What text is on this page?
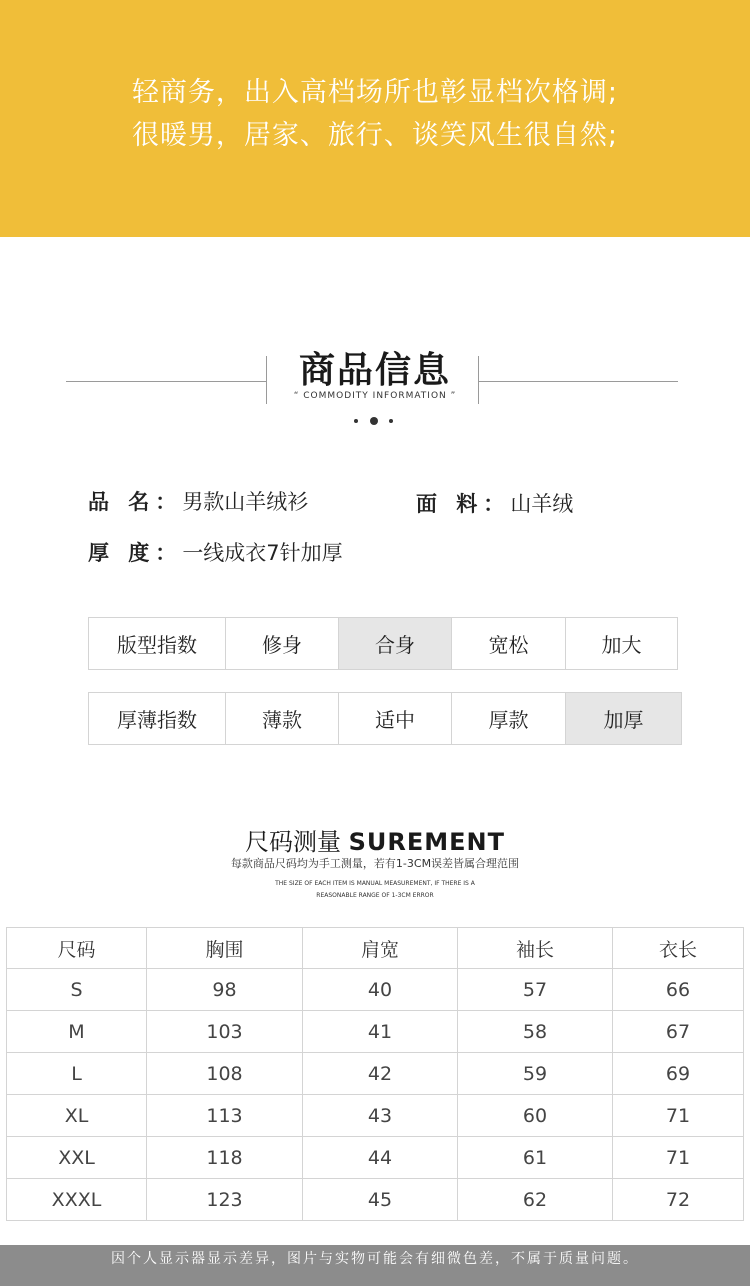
轻商务，出入高档场所也彰显档次格调;
很暖男，居家、旅行、谈笑风生很自然;
商品信息
“ COMMODITY INFORMATION ”
品 名：男款山羊绒衫	面 料：山羊绒
厚 度：一线成衣7针加厚
版型指数	修身	合身	宽松	加大
厚薄指数	薄款	适中	厚款	加厚
尺码测量 SUREMENT
每款商品尺码均为手工测量，若有1-3CM误差皆属合理范围
THE SIZE OF EACH ITEM IS MANUAL MEASUREMENT, IF THERE IS A
REASONABLE RANGE OF 1-3CM ERROR
尺码	胸围	肩宽	袖长	衣长
S	98	40	57	66
M	103	41	58	67
L	108	42	59	69
XL	113	43	60	71
XXL	118	44	61	71
XXXL	123	45	62	72
因个人显示器显示差异，图片与实物可能会有细微色差，不属于质量问题。
